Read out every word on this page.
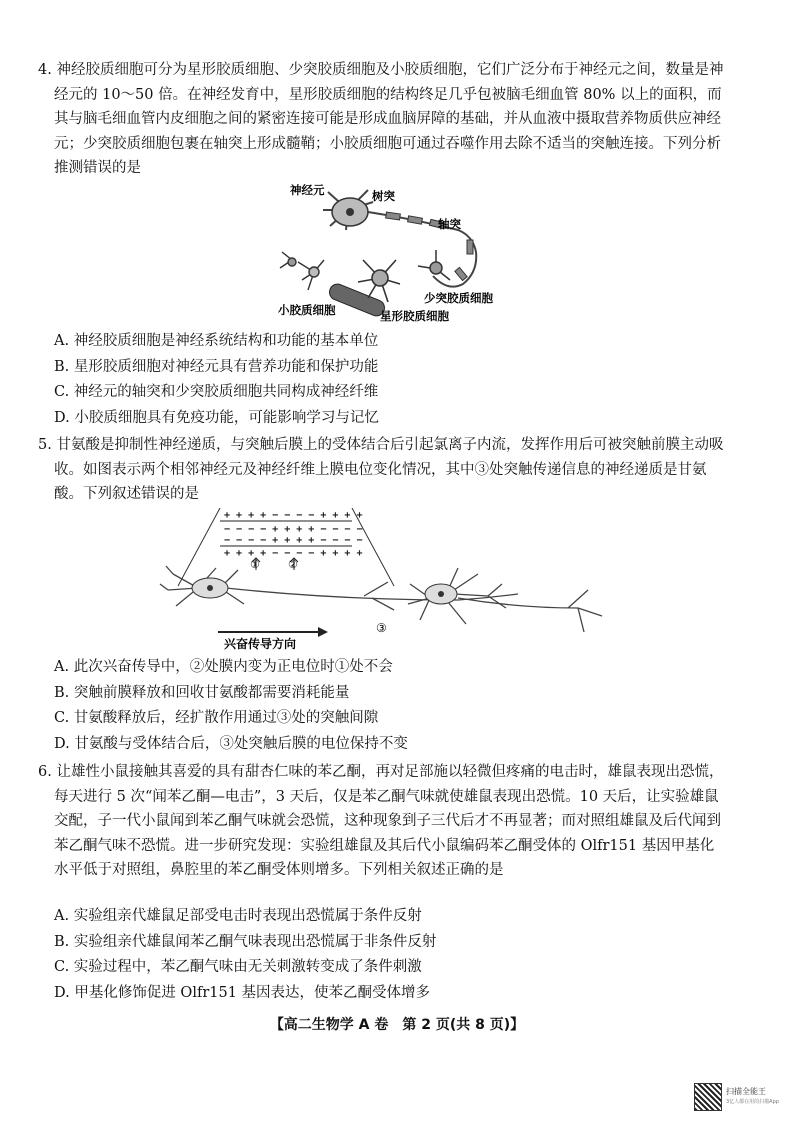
4. 神经胶质细胞可分为星形胶质细胞、少突胶质细胞及小胶质细胞，它们广泛分布于神经元之间，数量是神经元的 10～50 倍。在神经发育中，星形胶质细胞的结构终足几乎包被脑毛细血管 80% 以上的面积，而其与脑毛细血管内皮细胞之间的紧密连接可能是形成血脑屏障的基础，并从血液中摄取营养物质供应神经元；少突胶质细胞包裹在轴突上形成髓鞘；小胶质细胞可通过吞噬作用去除不适当的突触连接。下列分析推测错误的是

神经元	树突
轴突
小胶质细胞
少突胶质细胞
星形胶质细胞
A. 神经胶质细胞是神经系统结构和功能的基本单位
B. 星形胶质细胞对神经元具有营养功能和保护功能
C. 神经元的轴突和少突胶质细胞共同构成神经纤维
D. 小胶质细胞具有免疫功能，可能影响学习与记忆

5. 甘氨酸是抑制性神经递质，与突触后膜上的受体结合后引起氯离子内流，发挥作用后可被突触前膜主动吸收。如图表示两个相邻神经元及神经纤维上膜电位变化情况，其中③处突触传递信息的神经递质是甘氨酸。下列叙述错误的是

+ + + + − − − − + + + +
− − − − + + + + − − − −
− − − − + + + + − − − −
+ + + + − − − − + + + +
①	②
③
兴奋传导方向
A. 此次兴奋传导中，②处膜内变为正电位时①处不会
B. 突触前膜释放和回收甘氨酸都需要消耗能量
C. 甘氨酸释放后，经扩散作用通过③处的突触间隙
D. 甘氨酸与受体结合后，③处突触后膜的电位保持不变

6. 让雄性小鼠接触其喜爱的具有甜杏仁味的苯乙酮，再对足部施以轻微但疼痛的电击时，雄鼠表现出恐慌，每天进行 5 次“闻苯乙酮—电击”，3 天后，仅是苯乙酮气味就使雄鼠表现出恐慌。10 天后，让实验雄鼠交配，子一代小鼠闻到苯乙酮气味就会恐慌，这种现象到子三代后才不再显著；而对照组雄鼠及后代闻到苯乙酮气味不恐慌。进一步研究发现：实验组雄鼠及其后代小鼠编码苯乙酮受体的 Olfr151 基因甲基化水平低于对照组，鼻腔里的苯乙酮受体则增多。下列相关叙述正确的是

A. 实验组亲代雄鼠足部受电击时表现出恐慌属于条件反射
B. 实验组亲代雄鼠闻苯乙酮气味表现出恐慌属于非条件反射
C. 实验过程中，苯乙酮气味由无关刺激转变成了条件刺激
D. 甲基化修饰促进 Olfr151 基因表达，使苯乙酮受体增多
【高二生物学 A 卷　第 2 页(共 8 页)】
扫描全能王
3亿人都在用的扫描App
